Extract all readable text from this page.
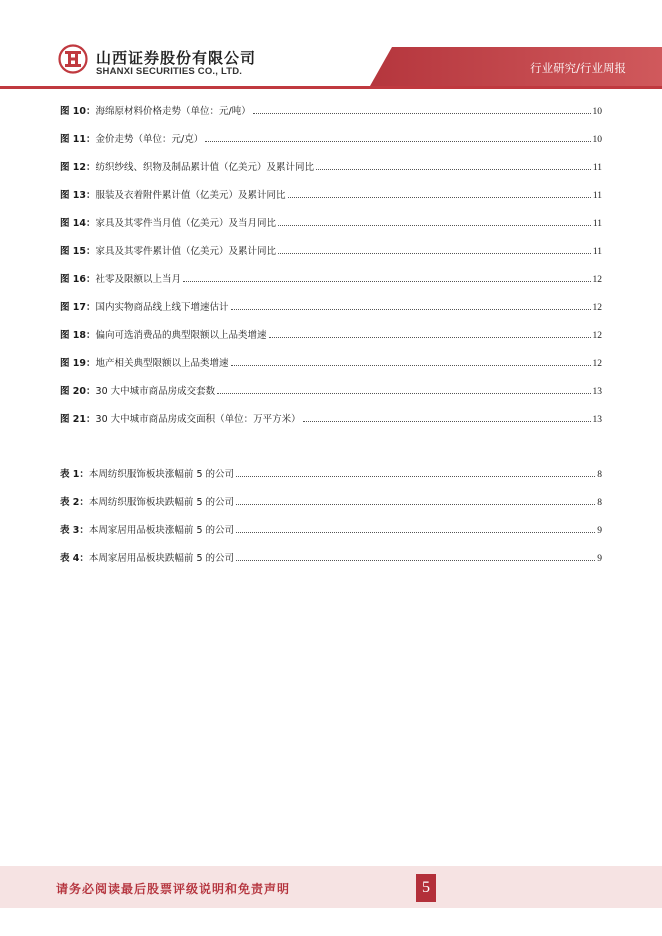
山西证券股份有限公司
SHANXI SECURITIES CO., LTD.	行业研究/行业周报
图 10： 海绵原材料价格走势（单位：元/吨）	10
图 11： 金价走势（单位：元/克）	10
图 12： 纺织纱线、织物及制品累计值（亿美元）及累计同比	11
图 13： 服装及衣着附件累计值（亿美元）及累计同比	11
图 14： 家具及其零件当月值（亿美元）及当月同比	11
图 15： 家具及其零件累计值（亿美元）及累计同比	11
图 16： 社零及限额以上当月	12
图 17： 国内实物商品线上线下增速估计	12
图 18： 偏向可选消费品的典型限额以上品类增速	12
图 19： 地产相关典型限额以上品类增速	12
图 20： 30 大中城市商品房成交套数	13
图 21： 30 大中城市商品房成交面积（单位：万平方米）	13
表 1： 本周纺织服饰板块涨幅前 5 的公司	8
表 2： 本周纺织服饰板块跌幅前 5 的公司	8
表 3： 本周家居用品板块涨幅前 5 的公司	9
表 4： 本周家居用品板块跌幅前 5 的公司	9
请务必阅读最后股票评级说明和免责声明	5
